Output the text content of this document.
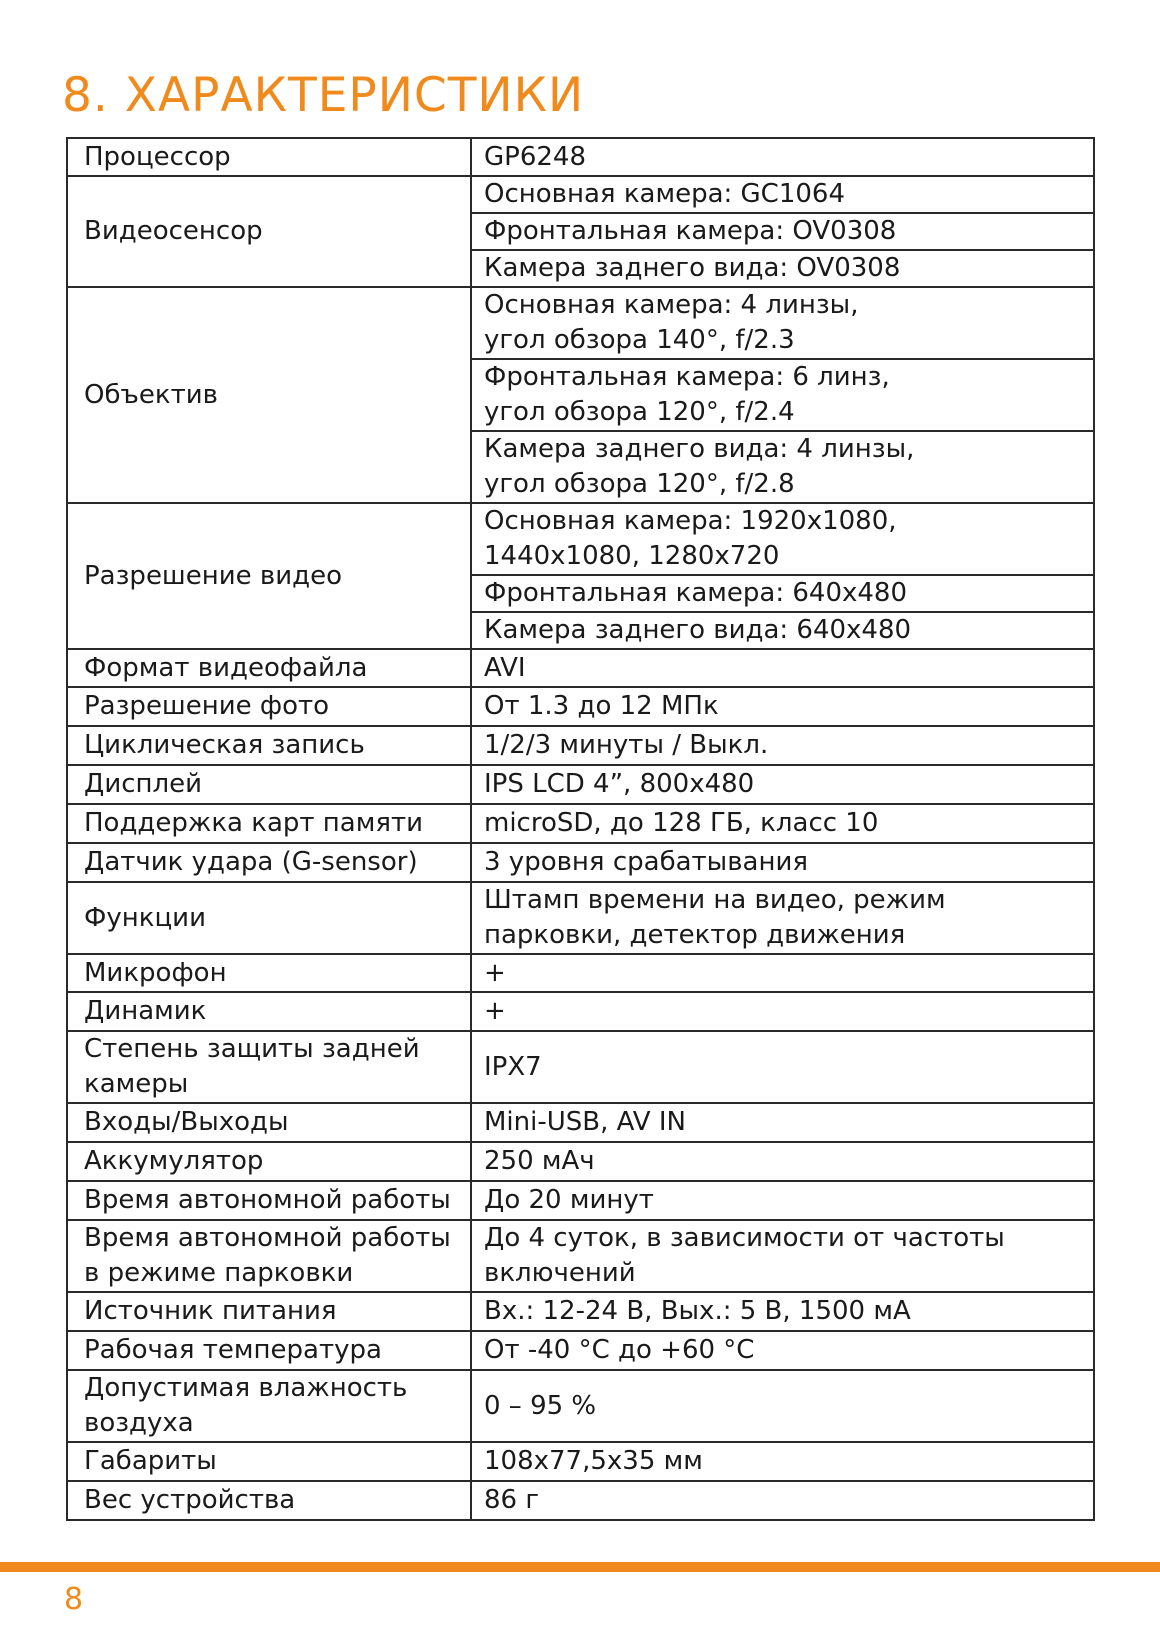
8. ХАРАКТЕРИСТИКИ
Процессор	GP6248
Видеосенсор	Основная камера: GC1064
	Фронтальная камера: OV0308
	Камера заднего вида: OV0308
Объектив	Основная камера: 4 линзы,
угол обзора 140°, f/2.3
	Фронтальная камера: 6 линз,
угол обзора 120°, f/2.4
	Камера заднего вида: 4 линзы,
угол обзора 120°, f/2.8
Разрешение видео	Основная камера: 1920x1080,
1440x1080, 1280x720
	Фронтальная камера: 640x480
	Камера заднего вида: 640x480
Формат видеофайла	AVI
Разрешение фото	От 1.3 до 12 МПк
Циклическая запись	1/2/3 минуты / Выкл.
Дисплей	IPS LCD 4”, 800x480
Поддержка карт памяти	microSD, до 128 ГБ, класс 10
Датчик удара (G-sensor)	3 уровня срабатывания
Функции	Штамп времени на видео, режим
парковки, детектор движения
Микрофон	+
Динамик	+
Степень защиты задней
камеры	IPX7
Входы/Выходы	Mini-USB, AV IN
Аккумулятор	250 мАч
Время автономной работы	До 20 минут
Время автономной работы
в режиме парковки	До 4 суток, в зависимости от частоты
включений
Источник питания	Вх.: 12-24 В, Вых.: 5 В, 1500 мА
Рабочая температура	От -40 °C до +60 °C
Допустимая влажность
воздуха	0 – 95 %
Габариты	108x77,5x35 мм
Вес устройства	86 г
8
